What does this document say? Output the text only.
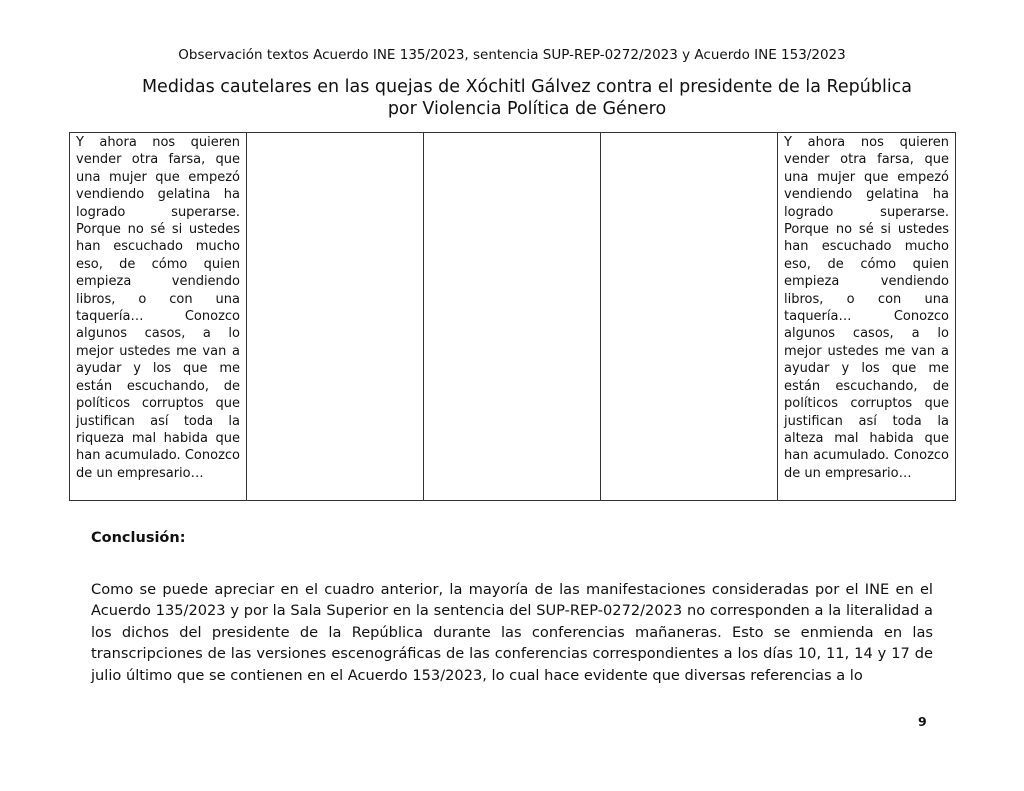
Observación textos Acuerdo INE 135/2023, sentencia SUP-REP-0272/2023 y Acuerdo INE 153/2023
Medidas cautelares en las quejas de Xóchitl Gálvez contra el presidente de la República
por Violencia Política de Género
Y ahora nos quieren vender otra farsa, que una mujer que empezó vendiendo gelatina ha logrado superarse. Porque no sé si ustedes han escuchado mucho eso, de cómo quien empieza vendiendo libros, o con una taquería… Conozco algunos casos, a lo mejor ustedes me van a ayudar y los que me están escuchando, de políticos corruptos que justifican así toda la riqueza mal habida que han acumulado. Conozco de un empresario…				Y ahora nos quieren vender otra farsa, que una mujer que empezó vendiendo gelatina ha logrado superarse. Porque no sé si ustedes han escuchado mucho eso, de cómo quien empieza vendiendo libros, o con una taquería… Conozco algunos casos, a lo mejor ustedes me van a ayudar y los que me están escuchando, de políticos corruptos que justifican así toda la alteza mal habida que han acumulado. Conozco de un empresario…
Conclusión:
Como se puede apreciar en el cuadro anterior, la mayoría de las manifestaciones consideradas por el INE en el Acuerdo 135/2023 y por la Sala Superior en la sentencia del SUP-REP-0272/2023 no corresponden a la literalidad a los dichos del presidente de la República durante las conferencias mañaneras. Esto se enmienda en las transcripciones de las versiones escenográficas de las conferencias correspondientes a los días 10, 11, 14 y 17 de julio último que se contienen en el Acuerdo 153/2023, lo cual hace evidente que diversas referencias a lo
9
